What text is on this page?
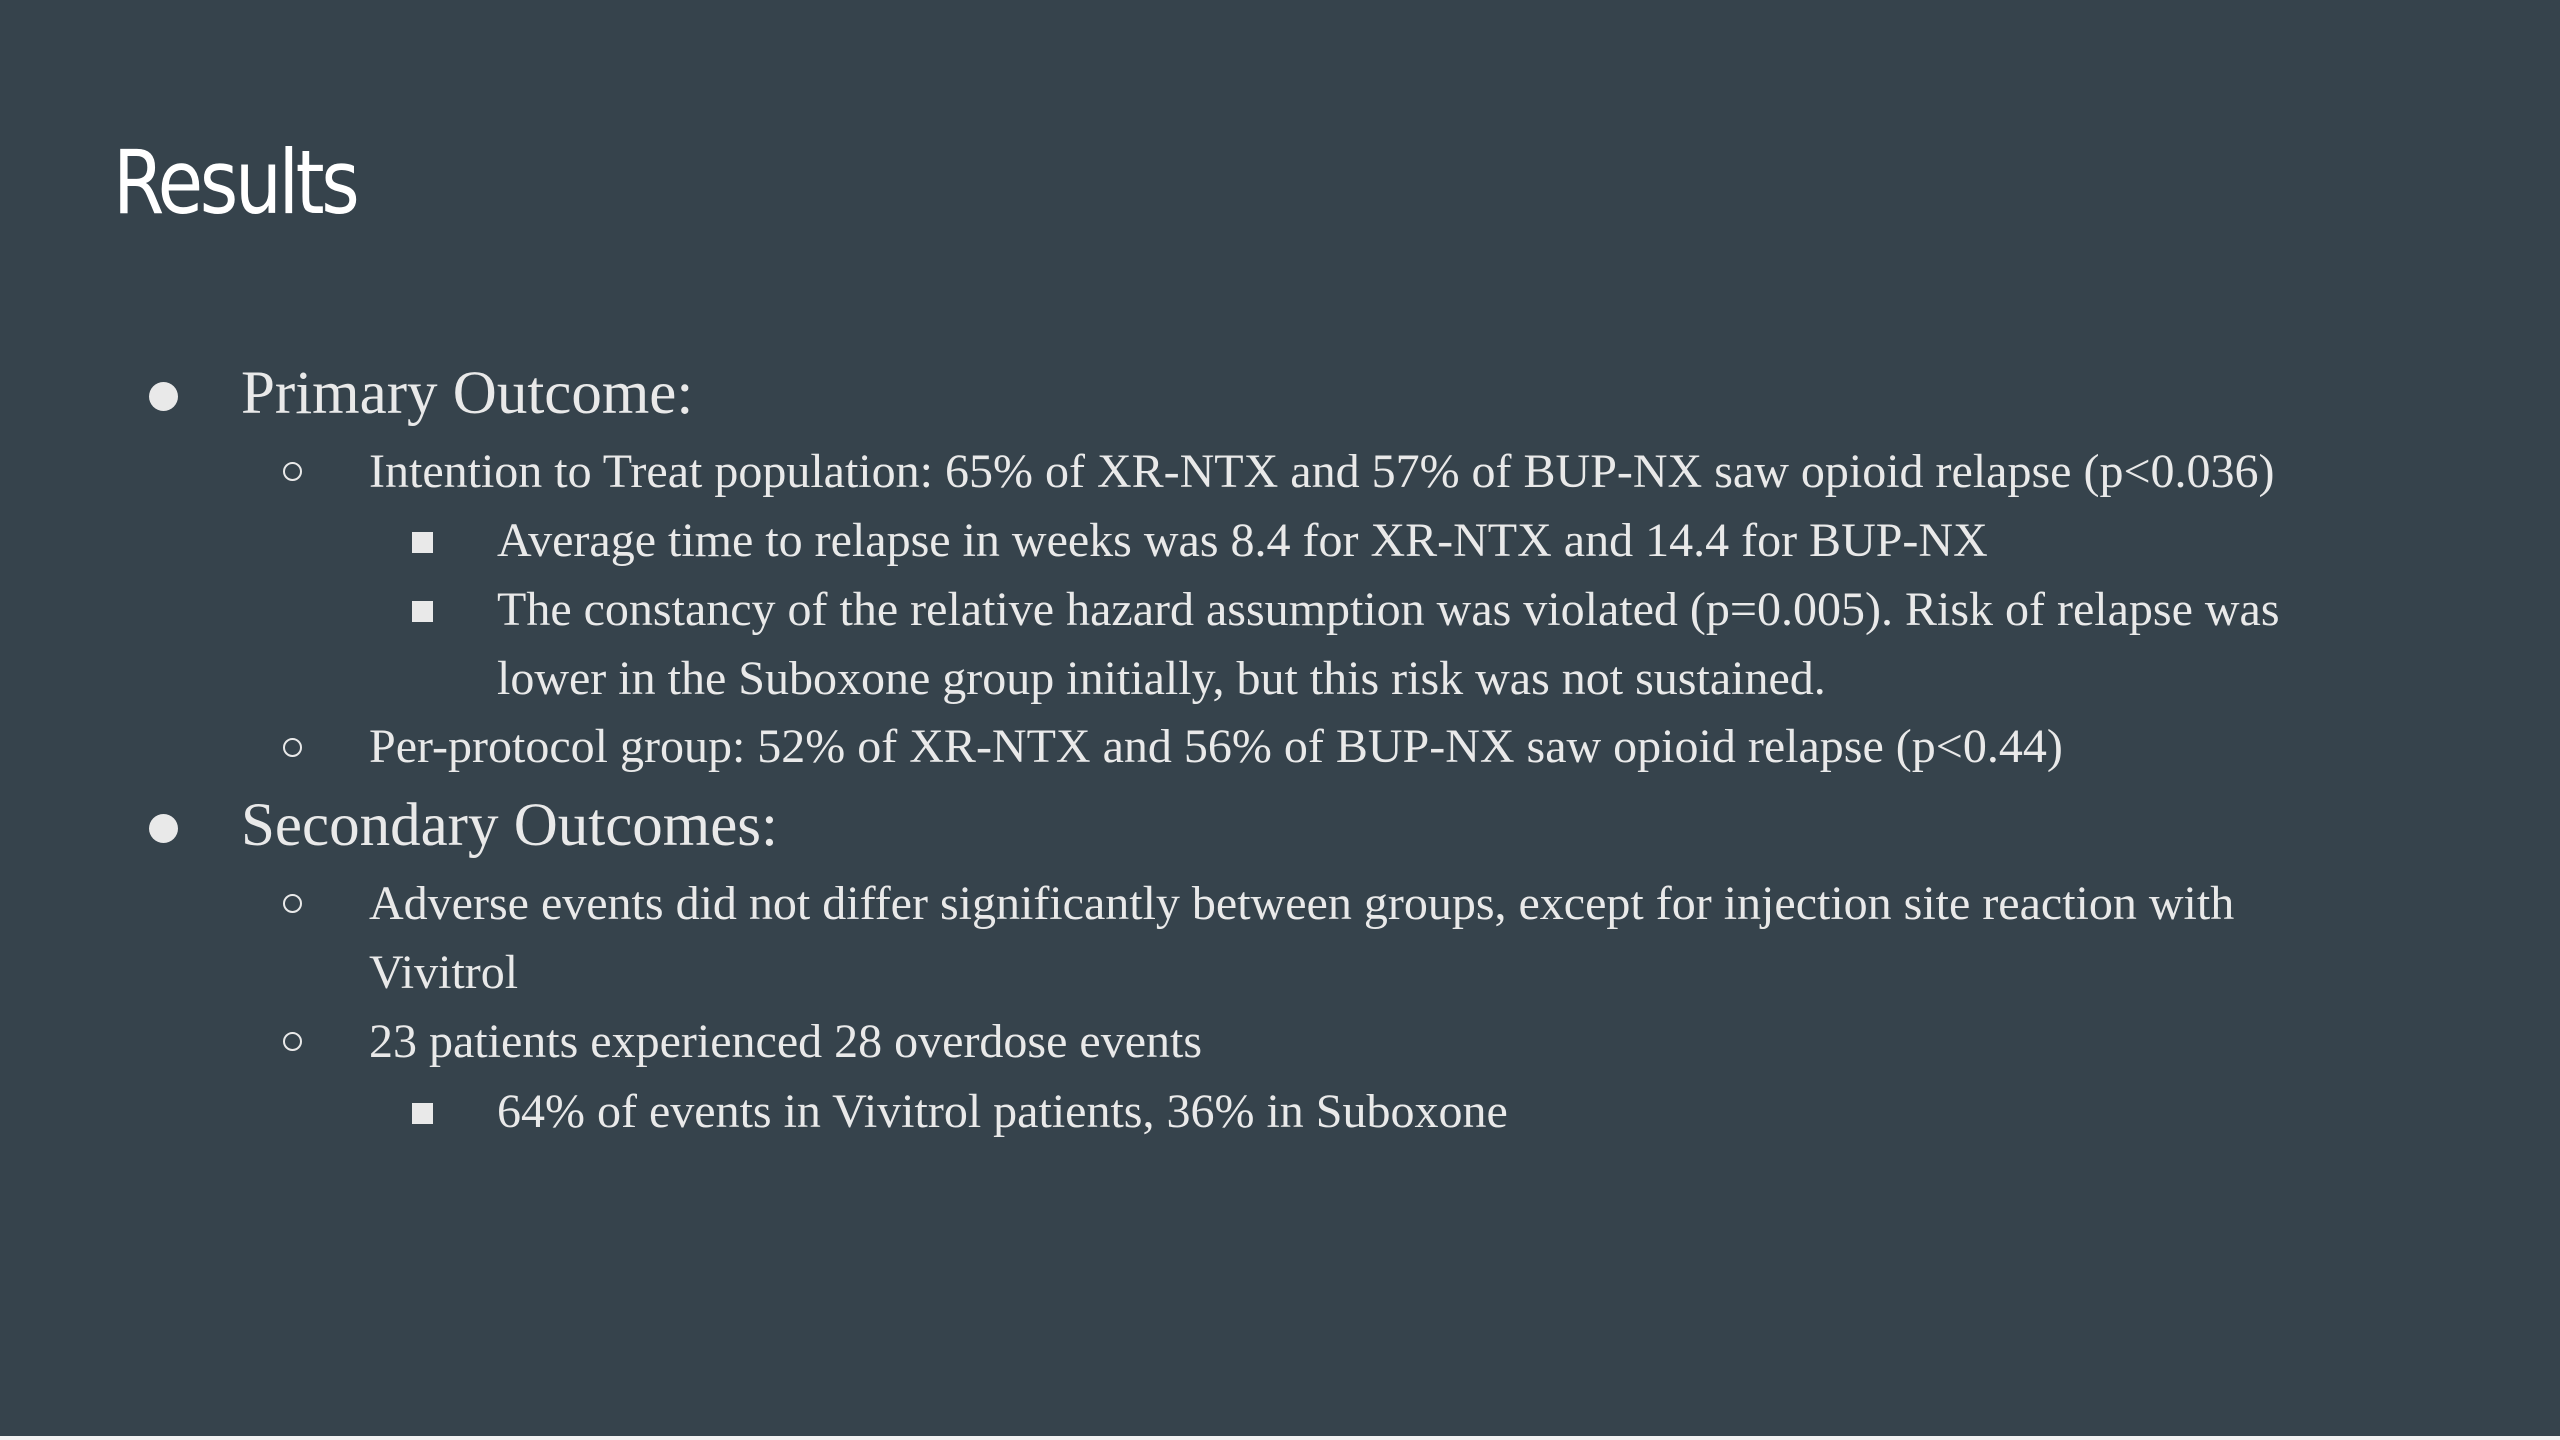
Results
Primary Outcome:
Intention to Treat population: 65% of XR-NTX and 57% of BUP-NX saw opioid relapse (p<0.036)
Average time to relapse in weeks was 8.4 for XR-NTX and 14.4 for BUP-NX
The constancy of the relative hazard assumption was violated (p=0.005). Risk of relapse was
lower in the Suboxone group initially, but this risk was not sustained.
Per-protocol group: 52% of XR-NTX and 56% of BUP-NX saw opioid relapse (p<0.44)
Secondary Outcomes:
Adverse events did not differ significantly between groups, except for injection site reaction with
Vivitrol
23 patients experienced 28 overdose events
64% of events in Vivitrol patients, 36% in Suboxone
